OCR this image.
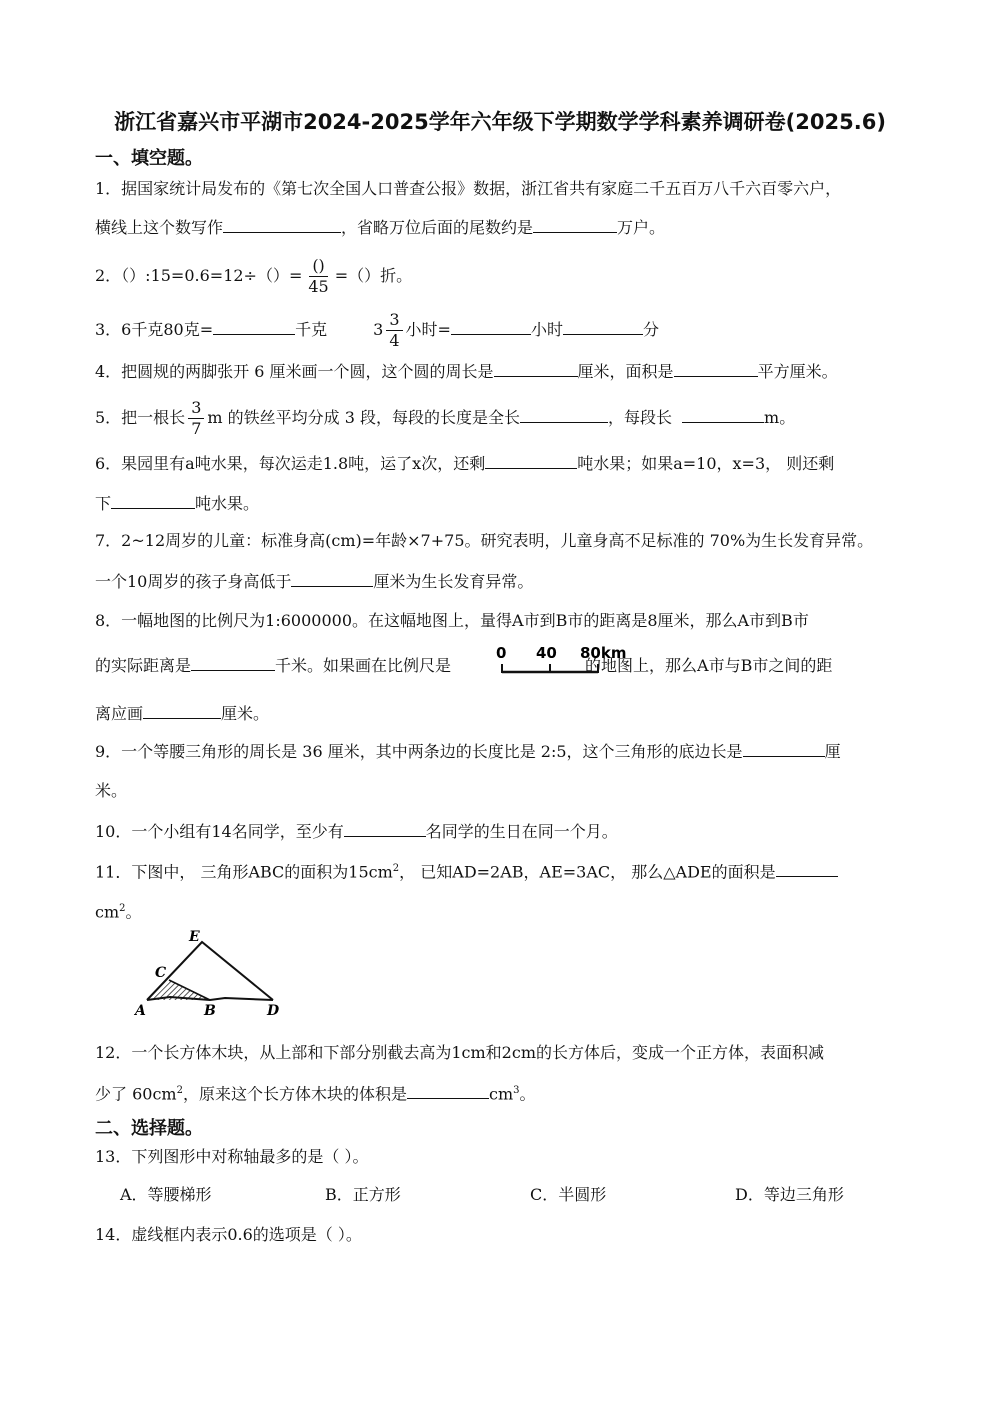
浙江省嘉兴市平湖市2024-2025学年六年级下学期数学学科素养调研卷(2025.6)
一、填空题。
1．据国家统计局发布的《第七次全国人口普查公报》数据，浙江省共有家庭二千五百万八千六百零六户，
横线上这个数写作	，省略万位后面的尾数约是	万户。
2．（）:15=0.6=12÷（）= $\frac{()}{45}$ =（）折。
3．6千克80克=	千克	$3 \frac{3}{4}$ 小时=	小时	分
4．把圆规的两脚张开 6 厘米画一个圆，这个圆的周长是	厘米，面积是	平方厘米。
5．把一根长 $\frac{3}{7}$ m 的铁丝平均分成 3 段，每段的长度是全长	，每段长	m。
6．果园里有a吨水果，每次运走1.8吨，运了x次，还剩	吨水果；如果a=10，x=3， 则还剩
下	吨水果。
7．2~12周岁的儿童：标准身高(cm)=年龄×7+75。研究表明，儿童身高不足标准的 70%为生长发育异常。
一个10周岁的孩子身高低于	厘米为生长发育异常。
8．一幅地图的比例尺为1:6000000。在这幅地图上，量得A市到B市的距离是8厘米，那么A市到B市
的实际距离是	千米。如果画在比例尺是	的地图上，那么A市与B市之间的距
0 40 80km
离应画	厘米。
9．一个等腰三角形的周长是 36 厘米，其中两条边的长度比是 2:5，这个三角形的底边长是	厘
米。
10．一个小组有14名同学，至少有	名同学的生日在同一个月。
11．下图中， 三角形ABC的面积为$15cm^2$， 已知AD=2AB，AE=3AC， 那么△ADE的面积是
$cm^2$。
E
C
A	B	D
12．一个长方体木块，从上部和下部分别截去高为1cm和2cm的长方体后，变成一个正方体，表面积减
少了 $60cm^2$，原来这个长方体木块的体积是	$cm^3$。
二、选择题。
13．下列图形中对称轴最多的是（ ）。
A．等腰梯形	B．正方形	C．半圆形	D．等边三角形
14．虚线框内表示0.6的选项是（ ）。
